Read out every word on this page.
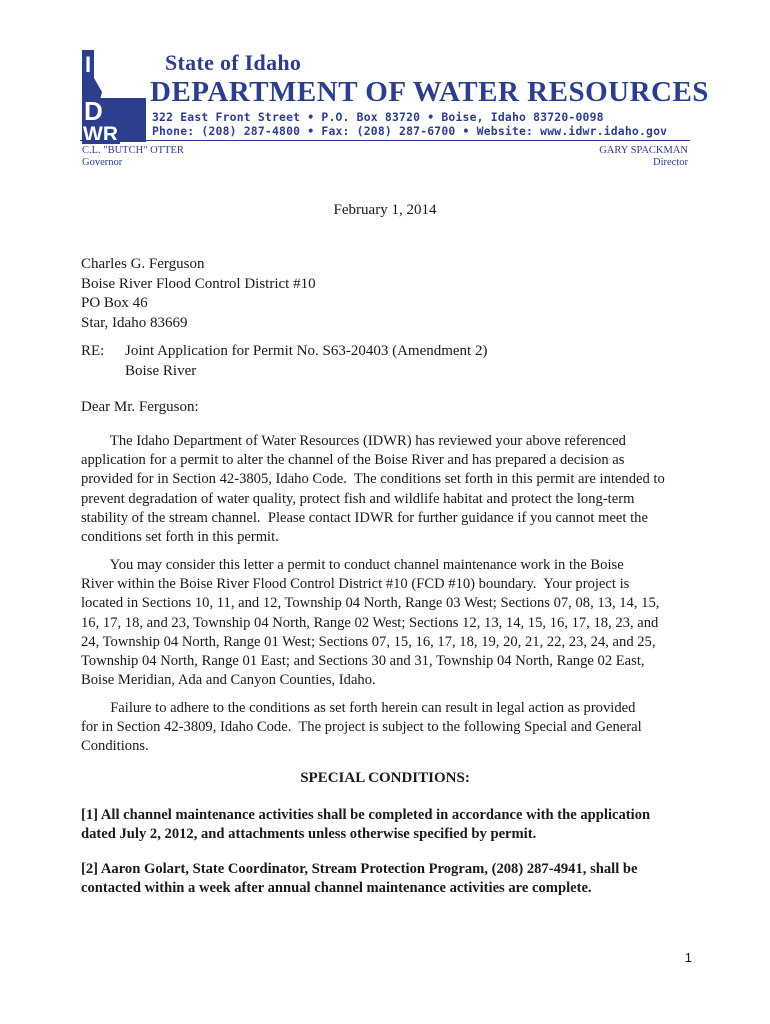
I
D
WR
State of Idaho
DEPARTMENT OF WATER RESOURCES
322 East Front Street • P.O. Box 83720 • Boise, Idaho 83720-0098
Phone: (208) 287-4800 • Fax: (208) 287-6700 • Website: www.idwr.idaho.gov
C.L. "BUTCH" OTTER
Governor
GARY SPACKMAN
Director
February 1, 2014
Charles G. Ferguson
Boise River Flood Control District #10
PO Box 46
Star, Idaho 83669
RE: Joint Application for Permit No. S63-20403 (Amendment 2)
Boise River
Dear Mr. Ferguson:

The Idaho Department of Water Resources (IDWR) has reviewed your above referenced

application for a permit to alter the channel of the Boise River and has prepared a decision as

provided for in Section 42-3805, Idaho Code.  The conditions set forth in this permit are intended to

prevent degradation of water quality, protect fish and wildlife habitat and protect the long-term

stability of the stream channel.  Please contact IDWR for further guidance if you cannot meet the

conditions set forth in this permit.

You may consider this letter a permit to conduct channel maintenance work in the Boise

River within the Boise River Flood Control District #10 (FCD #10) boundary.  Your project is

located in Sections 10, 11, and 12, Township 04 North, Range 03 West; Sections 07, 08, 13, 14, 15,

16, 17, 18, and 23, Township 04 North, Range 02 West; Sections 12, 13, 14, 15, 16, 17, 18, 23, and

24, Township 04 North, Range 01 West; Sections 07, 15, 16, 17, 18, 19, 20, 21, 22, 23, 24, and 25,

Township 04 North, Range 01 East; and Sections 30 and 31, Township 04 North, Range 02 East,

Boise Meridian, Ada and Canyon Counties, Idaho.

Failure to adhere to the conditions as set forth herein can result in legal action as provided

for in Section 42-3809, Idaho Code.  The project is subject to the following Special and General

Conditions.

SPECIAL CONDITIONS:

[1] All channel maintenance activities shall be completed in accordance with the application

dated July 2, 2012, and attachments unless otherwise specified by permit.

[2] Aaron Golart, State Coordinator, Stream Protection Program, (208) 287-4941, shall be

contacted within a week after annual channel maintenance activities are complete.

1
